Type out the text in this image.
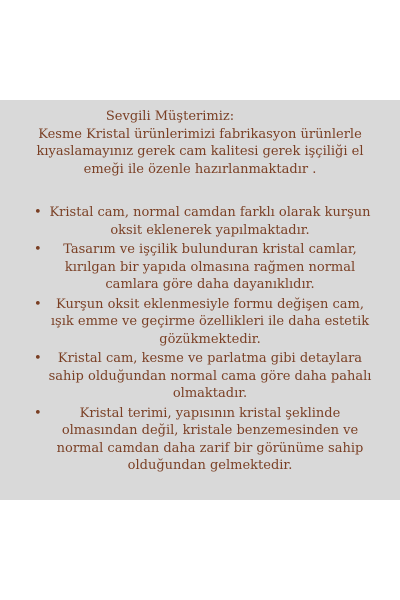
Sevgili Müşterimiz:
Kesme Kristal ürünlerimizi fabrikasyon ürünlerle kıyaslamayınız gerek cam kalitesi gerek işçiliği el emeği ile özenle hazırlanmaktadır .
• Kristal cam, normal camdan farklı olarak kurşun oksit eklenerek yapılmaktadır.
• Tasarım ve işçilik bulunduran kristal camlar, kırılgan bir yapıda olmasına rağmen normal camlara göre daha dayanıklıdır.
• Kurşun oksit eklenmesiyle formu değişen cam, ışık emme ve geçirme özellikleri ile daha estetik gözükmektedir.
• Kristal cam, kesme ve parlatma gibi detaylara sahip olduğundan normal cama göre daha pahalı olmaktadır.
•	Kristal terimi, yapısının kristal şeklinde olmasından değil, kristale benzemesinden ve normal camdan daha zarif bir görünüme sahip olduğundan gelmektedir.
